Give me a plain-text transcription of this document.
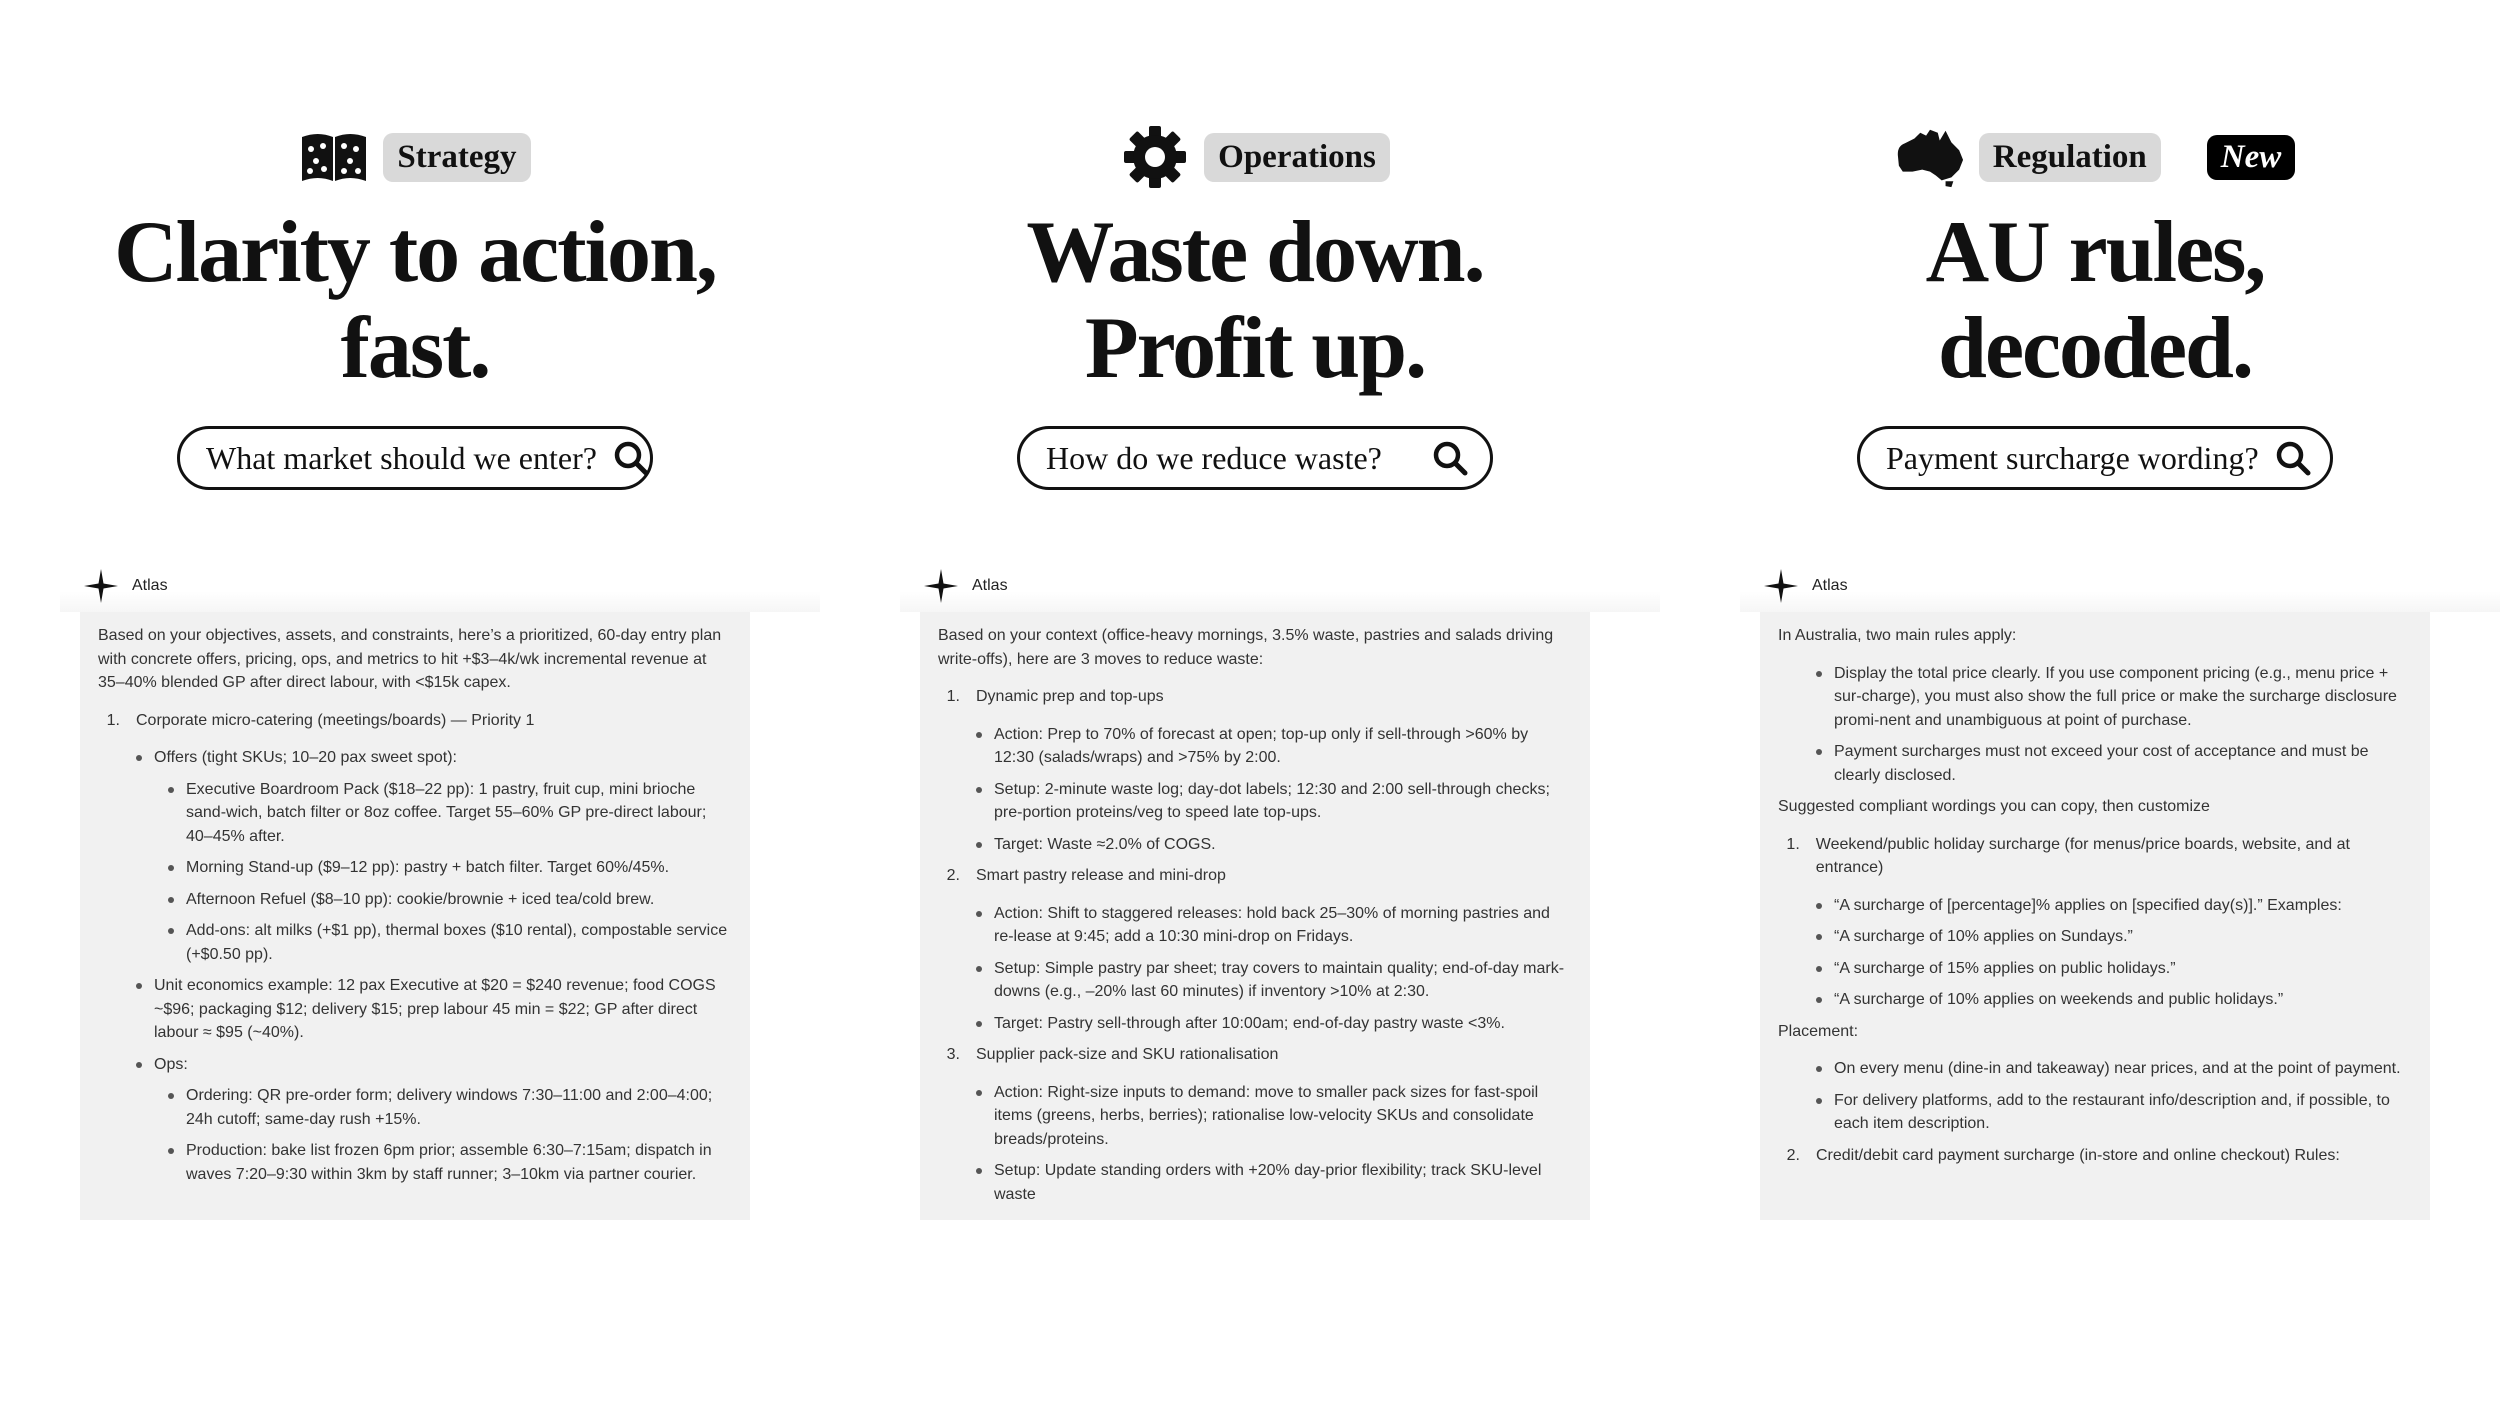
Strategy
Clarity to action,
fast.
What market should we enter?
Atlas

Based on your objectives, assets, and constraints, here’s a prioritized, 60-day entry plan with concrete offers, pricing, ops, and metrics to hit +$3–4k/wk incremental revenue at 35–40% blended GP after direct labour, with <$15k capex.

1. Corporate micro-catering (meetings/boards) — Priority 1
Offers (tight SKUs; 10–20 pax sweet spot):
Executive Boardroom Pack ($18–22 pp): 1 pastry, fruit cup, mini brioche sand-wich, batch filter or 8oz coffee. Target 55–60% GP pre-direct labour; 40–45% after.
Morning Stand-up ($9–12 pp): pastry + batch filter. Target 60%/45%.
Afternoon Refuel ($8–10 pp): cookie/brownie + iced tea/cold brew.
Add-ons: alt milks (+$1 pp), thermal boxes ($10 rental), compostable service (+$0.50 pp).
Unit economics example: 12 pax Executive at $20 = $240 revenue; food COGS ~$96; packaging $12; delivery $15; prep labour 45 min = $22; GP after direct labour ≈ $95 (~40%).
Ops:
Ordering: QR pre-order form; delivery windows 7:30–11:00 and 2:00–4:00; 24h cutoff; same-day rush +15%.
Production: bake list frozen 6pm prior; assemble 6:30–7:15am; dispatch in waves 7:20–9:30 within 3km by staff runner; 3–10km via partner courier.
Operations
Waste down.
Profit up.
How do we reduce waste?
Atlas

Based on your context (office-heavy mornings, 3.5% waste, pastries and salads driving write-offs), here are 3 moves to reduce waste:

1. Dynamic prep and top-ups
Action: Prep to 70% of forecast at open; top-up only if sell-through >60% by 12:30 (salads/wraps) and >75% by 2:00.
Setup: 2-minute waste log; day-dot labels; 12:30 and 2:00 sell-through checks; pre-portion proteins/veg to speed late top-ups.
Target: Waste ≈2.0% of COGS.
2. Smart pastry release and mini-drop
Action: Shift to staggered releases: hold back 25–30% of morning pastries and re-lease at 9:45; add a 10:30 mini-drop on Fridays.
Setup: Simple pastry par sheet; tray covers to maintain quality; end-of-day mark-downs (e.g., –20% last 60 minutes) if inventory >10% at 2:30.
Target: Pastry sell-through after 10:00am; end-of-day pastry waste <3%.
3. Supplier pack-size and SKU rationalisation
Action: Right-size inputs to demand: move to smaller pack sizes for fast-spoil items (greens, herbs, berries); rationalise low-velocity SKUs and consolidate breads/proteins.
Setup: Update standing orders with +20% day-prior flexibility; track SKU-level waste
Regulation	New
AU rules,
decoded.
Payment surcharge wording?
Atlas

In Australia, two main rules apply:

Display the total price clearly. If you use component pricing (e.g., menu price + sur-charge), you must also show the full price or make the surcharge disclosure promi-nent and unambiguous at point of purchase.
Payment surcharges must not exceed your cost of acceptance and must be clearly disclosed.

Suggested compliant wordings you can copy, then customize

1. Weekend/public holiday surcharge (for menus/price boards, website, and at entrance)
“A surcharge of [percentage]% applies on [specified day(s)].” Examples:
“A surcharge of 10% applies on Sundays.”
“A surcharge of 15% applies on public holidays.”
“A surcharge of 10% applies on weekends and public holidays.”

Placement:

On every menu (dine-in and takeaway) near prices, and at the point of payment.
For delivery platforms, add to the restaurant info/description and, if possible, to each item description.
2. Credit/debit card payment surcharge (in-store and online checkout) Rules:
